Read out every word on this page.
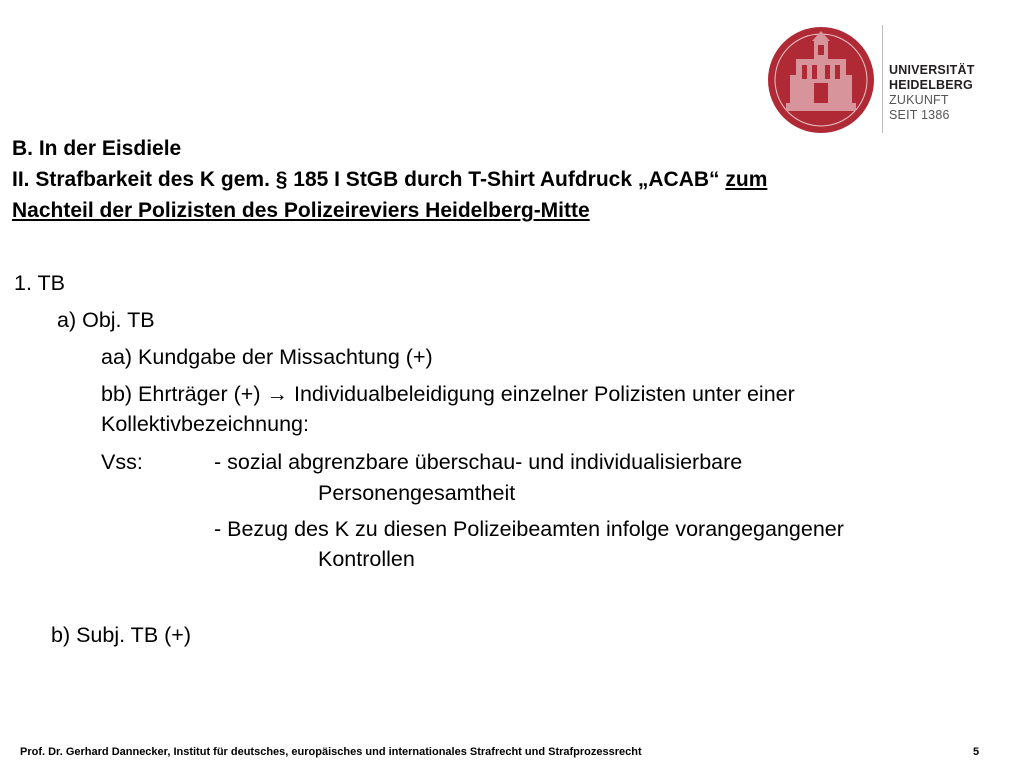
UNIVERSITÄT
HEIDELBERG
ZUKUNFT
SEIT 1386
B. In der Eisdiele
II. Strafbarkeit des K gem. § 185 I StGB durch T-Shirt Aufdruck „ACAB“ zum
Nachteil der Polizisten des Polizeireviers Heidelberg-Mitte
1. TB
a) Obj. TB
aa) Kundgabe der Missachtung (+)
bb) Ehrträger (+) → Individualbeleidigung einzelner Polizisten unter einer
Kollektivbezeichnung:
Vss:	- sozial abgrenzbare überschau- und individualisierbare
Personengesamtheit
- Bezug des K zu diesen Polizeibeamten infolge vorangegangener
Kontrollen
b) Subj. TB (+)
Prof. Dr. Gerhard Dannecker, Institut für deutsches, europäisches und internationales Strafrecht und Strafprozessrecht	5
